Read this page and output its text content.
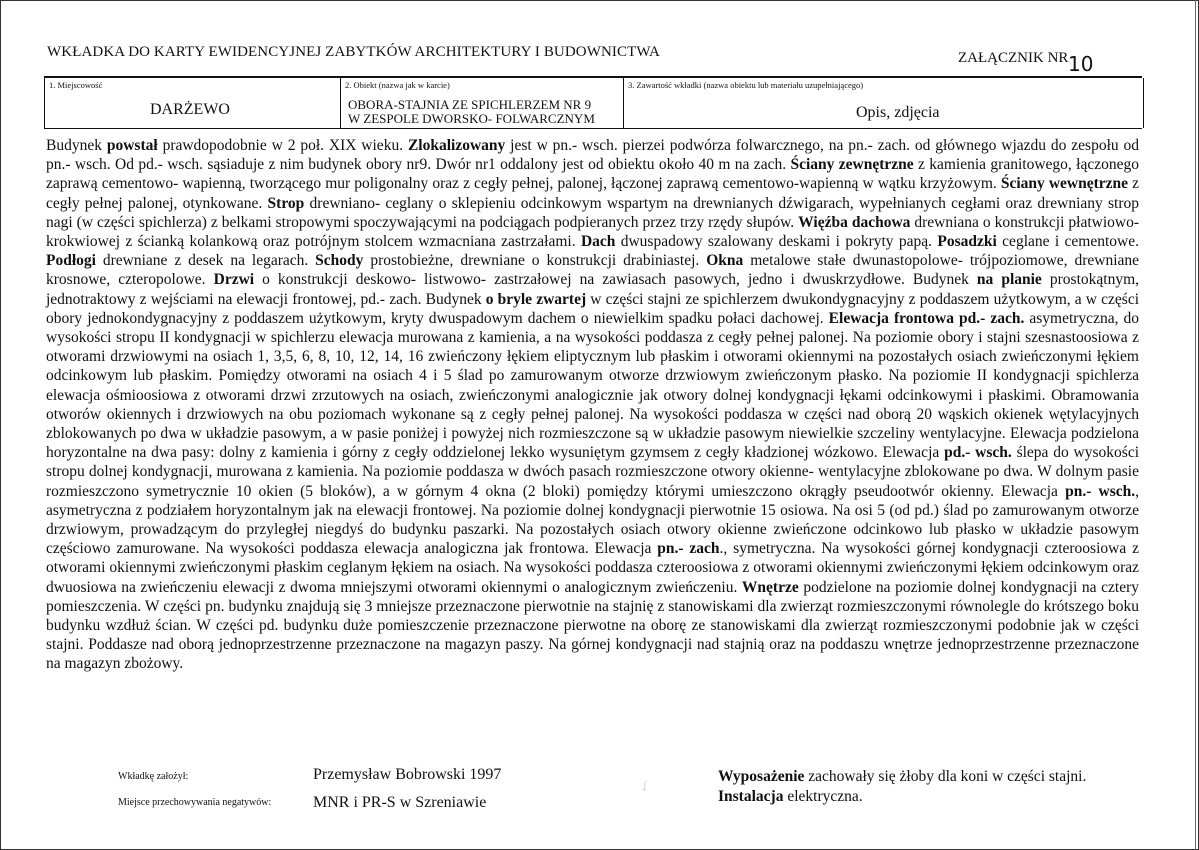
WKŁADKA DO KARTY EWIDENCYJNEJ ZABYTKÓW ARCHITEKTURY I BUDOWNICTWA	ZAŁĄCZNIK NR 10
1. Miejscowość
DARŻEWO
2. Obiekt (nazwa jak w karcie)
OBORA-STAJNIA ZE SPICHLERZEM NR 9
W ZESPOLE DWORSKO- FOLWARCZNYM
3. Zawartość wkładki (nazwa obiektu lub materiału uzupełniającego)
Opis, zdjęcia

Budynek powstał prawdopodobnie w 2 poł. XIX wieku. Zlokalizowany jest w pn.- wsch. pierzei podwórza folwarcznego, na pn.- zach. od głównego wjazdu do zespołu od pn.- wsch. Od pd.- wsch. sąsiaduje z nim budynek obory nr9. Dwór nr1 oddalony jest od obiektu około 40 m na zach. Ściany zewnętrzne z kamienia granitowego, łączonego zaprawą cementowo- wapienną, tworzącego mur poligonalny oraz z cegły pełnej, palonej, łączonej zaprawą cementowo-wapienną w wątku krzyżowym. Ściany wewnętrzne z cegły pełnej palonej, otynkowane. Strop drewniano- ceglany o sklepieniu odcinkowym wspartym na drewnianych dźwigarach, wypełnianych cegłami oraz drewniany strop nagi (w części spichlerza) z belkami stropowymi spoczywającymi na podciągach podpieranych przez trzy rzędy słupów. Więźba dachowa drewniana o konstrukcji płatwiowo- krokwiowej z ścianką kolankową oraz potrójnym stolcem wzmacniana zastrzałami. Dach dwuspadowy szalowany deskami i pokryty papą. Posadzki ceglane i cementowe. Podłogi drewniane z desek na legarach. Schody prostobieżne, drewniane o konstrukcji drabiniastej. Okna metalowe stałe dwunastopolowe- trójpoziomowe, drewniane krosnowe, czteropolowe. Drzwi o konstrukcji deskowo- listwowo- zastrzałowej na zawiasach pasowych, jedno i dwuskrzydłowe. Budynek na planie prostokątnym, jednotraktowy z wejściami na elewacji frontowej, pd.- zach. Budynek o bryle zwartej w części stajni ze spichlerzem dwukondygnacyjny z poddaszem użytkowym, a w części obory jednokondygnacyjny z poddaszem użytkowym, kryty dwuspadowym dachem o niewielkim spadku połaci dachowej. Elewacja frontowa pd.- zach. asymetryczna, do wysokości stropu II kondygnacji w spichlerzu elewacja murowana z kamienia, a na wysokości poddasza z cegły pełnej palonej. Na poziomie obory i stajni szesnastoosiowa z otworami drzwiowymi na osiach 1, 3,5, 6, 8, 10, 12, 14, 16 zwieńczony łękiem eliptycznym lub płaskim i otworami okiennymi na pozostałych osiach zwieńczonymi łękiem odcinkowym lub płaskim. Pomiędzy otworami na osiach 4 i 5 ślad po zamurowanym otworze drzwiowym zwieńczonym płasko. Na poziomie II kondygnacji spichlerza elewacja ośmioosiowa z otworami drzwi zrzutowych na osiach, zwieńczonymi analogicznie jak otwory dolnej kondygnacji łękami odcinkowymi i płaskimi. Obramowania otworów okiennych i drzwiowych na obu poziomach wykonane są z cegły pełnej palonej. Na wysokości poddasza w części nad oborą 20 wąskich okienek wętylacyjnych zblokowanych po dwa w układzie pasowym, a w pasie poniżej i powyżej nich rozmieszczone są w układzie pasowym niewielkie szczeliny wentylacyjne. Elewacja podzielona horyzontalne na dwa pasy: dolny z kamienia i górny z cegły oddzielonej lekko wysuniętym gzymsem z cegły kładzionej wózkowo. Elewacja pd.- wsch. ślepa do wysokości stropu dolnej kondygnacji, murowana z kamienia. Na poziomie poddasza w dwóch pasach rozmieszczone otwory okienne- wentylacyjne zblokowane po dwa. W dolnym pasie rozmieszczono symetrycznie 10 okien (5 bloków), a w górnym 4 okna (2 bloki) pomiędzy którymi umieszczono okrągły pseudootwór okienny. Elewacja pn.- wsch., asymetryczna z podziałem horyzontalnym jak na elewacji frontowej. Na poziomie dolnej kondygnacji pierwotnie 15 osiowa. Na osi 5 (od pd.) ślad po zamurowanym otworze drzwiowym, prowadzącym do przyległej niegdyś do budynku paszarki. Na pozostałych osiach otwory okienne zwieńczone odcinkowo lub płasko w układzie pasowym częściowo zamurowane. Na wysokości poddasza elewacja analogiczna jak frontowa. Elewacja pn.- zach., symetryczna. Na wysokości górnej kondygnacji czteroosiowa z otworami okiennymi zwieńczonymi płaskim ceglanym łękiem na osiach. Na wysokości poddasza czteroosiowa z otworami okiennymi zwieńczonymi łękiem odcinkowym oraz dwuosiowa na zwieńczeniu elewacji z dwoma mniejszymi otworami okiennymi o analogicznym zwieńczeniu. Wnętrze podzielone na poziomie dolnej kondygnacji na cztery pomieszczenia. W części pn. budynku znajdują się 3 mniejsze przeznaczone pierwotnie na stajnię z stanowiskami dla zwierząt rozmieszczonymi równolegle do krótszego boku budynku wzdłuż ścian. W części pd. budynku duże pomieszczenie przeznaczone pierwotne na oborę ze stanowiskami dla zwierząt rozmieszczonymi podobnie jak w części stajni. Poddasze nad oborą jednoprzestrzenne przeznaczone na magazyn paszy. Na górnej kondygnacji nad stajnią oraz na poddaszu wnętrze jednoprzestrzenne przeznaczone na magazyn zbożowy.

Wkładkę założył:	Przemysław Bobrowski 1997
Miejsce przechowywania negatywów:	MNR i PR-S w Szreniawie
ʆ	Wyposażenie zachowały się żłoby dla koni w części stajni.
Instalacja elektryczna.
